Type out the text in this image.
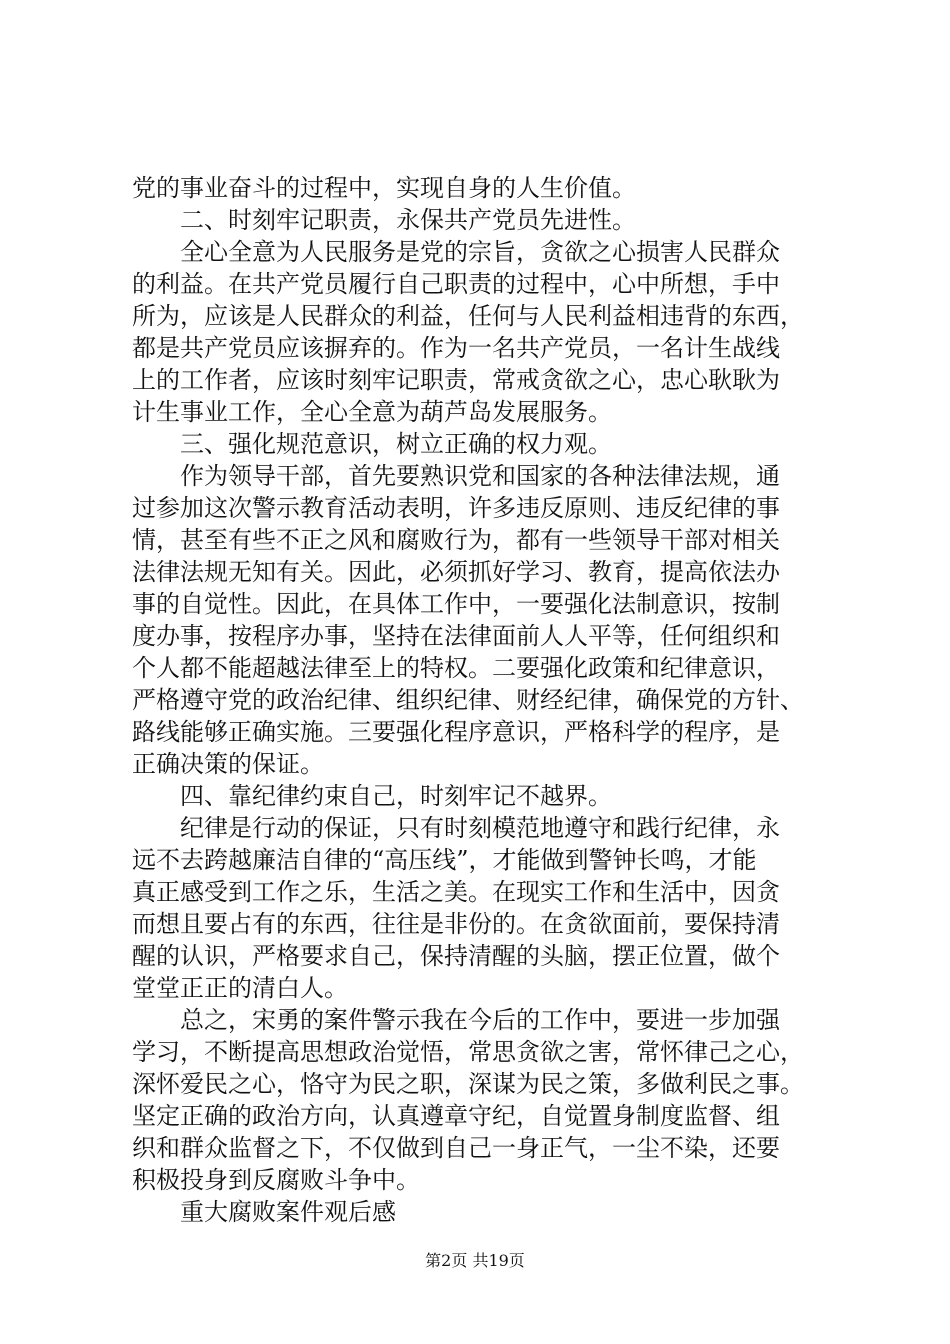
党的事业奋斗的过程中，实现自身的人生价值。
二、时刻牢记职责，永保共产党员先进性。
全心全意为人民服务是党的宗旨，贪欲之心损害人民群众
的利益。在共产党员履行自己职责的过程中，心中所想，手中
所为，应该是人民群众的利益，任何与人民利益相违背的东西，
都是共产党员应该摒弃的。作为一名共产党员，一名计生战线
上的工作者，应该时刻牢记职责，常戒贪欲之心，忠心耿耿为
计生事业工作，全心全意为葫芦岛发展服务。
三、强化规范意识，树立正确的权力观。
作为领导干部，首先要熟识党和国家的各种法律法规，通
过参加这次警示教育活动表明，许多违反原则、违反纪律的事
情，甚至有些不正之风和腐败行为，都有一些领导干部对相关
法律法规无知有关。因此，必须抓好学习、教育，提高依法办
事的自觉性。因此，在具体工作中，一要强化法制意识，按制
度办事，按程序办事，坚持在法律面前人人平等，任何组织和
个人都不能超越法律至上的特权。二要强化政策和纪律意识，
严格遵守党的政治纪律、组织纪律、财经纪律，确保党的方针、
路线能够正确实施。三要强化程序意识，严格科学的程序，是
正确决策的保证。
四、靠纪律约束自己，时刻牢记不越界。
纪律是行动的保证，只有时刻模范地遵守和践行纪律，永
远不去跨越廉洁自律的“高压线”，才能做到警钟长鸣，才能
真正感受到工作之乐，生活之美。在现实工作和生活中，因贪
而想且要占有的东西，往往是非份的。在贪欲面前，要保持清
醒的认识，严格要求自己，保持清醒的头脑，摆正位置，做个
堂堂正正的清白人。
总之，宋勇的案件警示我在今后的工作中，要进一步加强
学习，不断提高思想政治觉悟，常思贪欲之害，常怀律己之心，
深怀爱民之心，恪守为民之职，深谋为民之策，多做利民之事。
坚定正确的政治方向，认真遵章守纪，自觉置身制度监督、组
织和群众监督之下，不仅做到自己一身正气，一尘不染，还要
积极投身到反腐败斗争中。
重大腐败案件观后感
第2页 共19页
